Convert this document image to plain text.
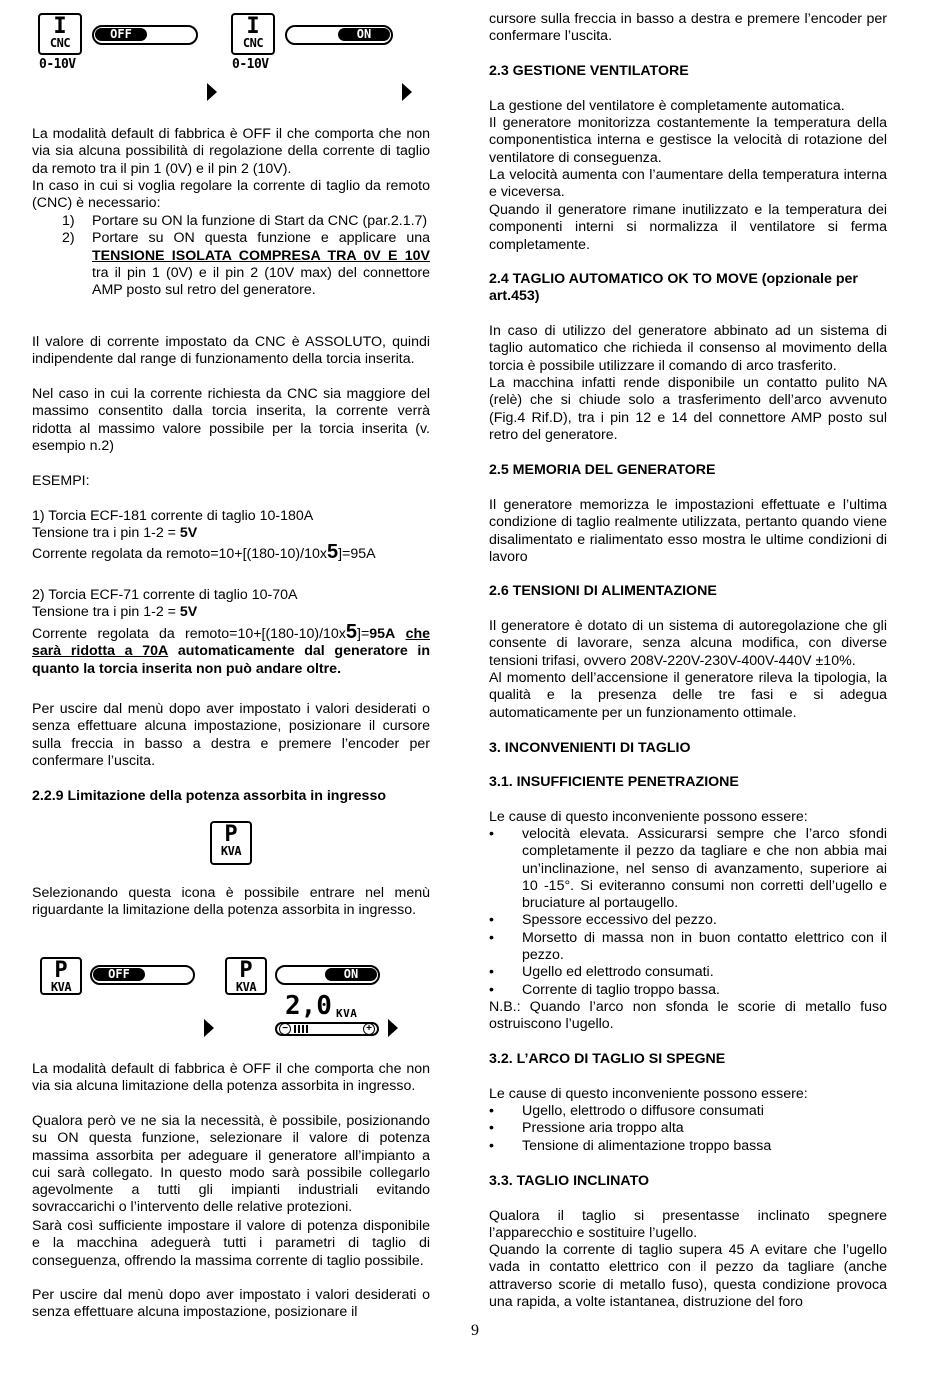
I
CNC
0-10V
OFF	I
CNC
0-10V
ON

La modalità default di fabbrica è OFF il che comporta che non via sia alcuna possibilità di regolazione della corrente di taglio da remoto tra il pin 1 (0V) e il pin 2 (10V).

In caso in cui si voglia regolare la corrente di taglio da remoto (CNC) è necessario:

1)	Portare su ON la funzione di Start da CNC (par.2.1.7)
2)	Portare su ON questa funzione e applicare una TENSIONE ISOLATA COMPRESA TRA 0V E 10V tra il pin 1 (0V) e il pin 2 (10V max) del connettore AMP posto sul retro del generatore.

Il valore di corrente impostato da CNC è ASSOLUTO, quindi indipendente dal range di funzionamento della torcia inserita.

Nel caso in cui la corrente richiesta da CNC sia maggiore del massimo consentito dalla torcia inserita, la corrente verrà ridotta al massimo valore possibile per la torcia inserita (v. esempio n.2)

ESEMPI:

1) Torcia ECF-181 corrente di taglio 10-180A

Tensione tra i pin 1-2 = 5V

Corrente regolata da remoto=10+[(180-10)/10x5]=95A

2) Torcia ECF-71 corrente di taglio 10-70A

Tensione tra i pin 1-2 = 5V

Corrente regolata da remoto=10+[(180-10)/10x5]=95A che sarà ridotta a 70A automaticamente dal generatore in quanto la torcia inserita non può andare oltre.

Per uscire dal menù dopo aver impostato i valori desiderati o senza effettuare alcuna impostazione, posizionare il cursore sulla freccia in basso a destra e premere l’encoder per confermare l’uscita.

2.2.9 Limitazione della potenza assorbita in ingresso

P
KVA

Selezionando questa icona è possibile entrare nel menù riguardante la limitazione della potenza assorbita in ingresso.

P
KVA
OFF	P
KVA
ON
2,0 KVA
−	+

La modalità default di fabbrica è OFF il che comporta che non via sia alcuna limitazione della potenza assorbita in ingresso.

Qualora però ve ne sia la necessità, è possibile, posizionando su ON questa funzione, selezionare il valore di potenza massima assorbita per adeguare il generatore all’impianto a cui sarà collegato. In questo modo sarà possibile collegarlo agevolmente a tutti gli impianti industriali evitando sovraccarichi o l’intervento delle relative protezioni.

Sarà così sufficiente impostare il valore di potenza disponibile e la macchina adeguerà tutti i parametri di taglio di conseguenza, offrendo la massima corrente di taglio possibile.

Per uscire dal menù dopo aver impostato i valori desiderati o senza effettuare alcuna impostazione, posizionare il

cursore sulla freccia in basso a destra e premere l’encoder per confermare l’uscita.

2.3 GESTIONE VENTILATORE

La gestione del ventilatore è completamente automatica.

Il generatore monitorizza costantemente la temperatura della componentistica interna e gestisce la velocità di rotazione del ventilatore di conseguenza.

La velocità aumenta con l’aumentare della temperatura interna e viceversa.

Quando il generatore rimane inutilizzato e la temperatura dei componenti interni si normalizza il ventilatore si ferma completamente.

2.4 TAGLIO AUTOMATICO OK TO MOVE (opzionale per art.453)

In caso di utilizzo del generatore abbinato ad un sistema di taglio automatico che richieda il consenso al movimento della torcia è possibile utilizzare il comando di arco trasferito.

La macchina infatti rende disponibile un contatto pulito NA (relè) che si chiude solo a trasferimento dell’arco avvenuto (Fig.4 Rif.D), tra i pin 12 e 14 del connettore AMP posto sul retro del generatore.

2.5 MEMORIA DEL GENERATORE

Il generatore memorizza le impostazioni effettuate e l’ultima condizione di taglio realmente utilizzata, pertanto quando viene disalimentato e rialimentato esso mostra le ultime condizioni di lavoro

2.6 TENSIONI DI ALIMENTAZIONE

Il generatore è dotato di un sistema di autoregolazione che gli consente di lavorare, senza alcuna modifica, con diverse tensioni trifasi, ovvero 208V-220V-230V-400V-440V ±10%.

Al momento dell’accensione il generatore rileva la tipologia, la qualità e la presenza delle tre fasi e si adegua automaticamente per un funzionamento ottimale.

3. INCONVENIENTI DI TAGLIO

3.1. INSUFFICIENTE PENETRAZIONE

Le cause di questo inconveniente possono essere:

•	velocità elevata. Assicurarsi sempre che l’arco sfondi completamente il pezzo da tagliare e che non abbia mai un’inclinazione, nel senso di avanzamento, superiore ai 10 -15°. Si eviteranno consumi non corretti dell’ugello e bruciature al portaugello.
•	Spessore eccessivo del pezzo.
•	Morsetto di massa non in buon contatto elettrico con il pezzo.
•	Ugello ed elettrodo consumati.
•	Corrente di taglio troppo bassa.

N.B.: Quando l’arco non sfonda le scorie di metallo fuso ostruiscono l’ugello.

3.2. L’ARCO DI TAGLIO SI SPEGNE

Le cause di questo inconveniente possono essere:

•	Ugello, elettrodo o diffusore consumati
•	Pressione aria troppo alta
•	Tensione di alimentazione troppo bassa

3.3. TAGLIO INCLINATO

Qualora il taglio si presentasse inclinato spegnere l’apparecchio e sostituire l’ugello.

Quando la corrente di taglio supera 45 A evitare che l’ugello vada in contatto elettrico con il pezzo da tagliare (anche attraverso scorie di metallo fuso), questa condizione provoca una rapida, a volte istantanea, distruzione del foro

9
